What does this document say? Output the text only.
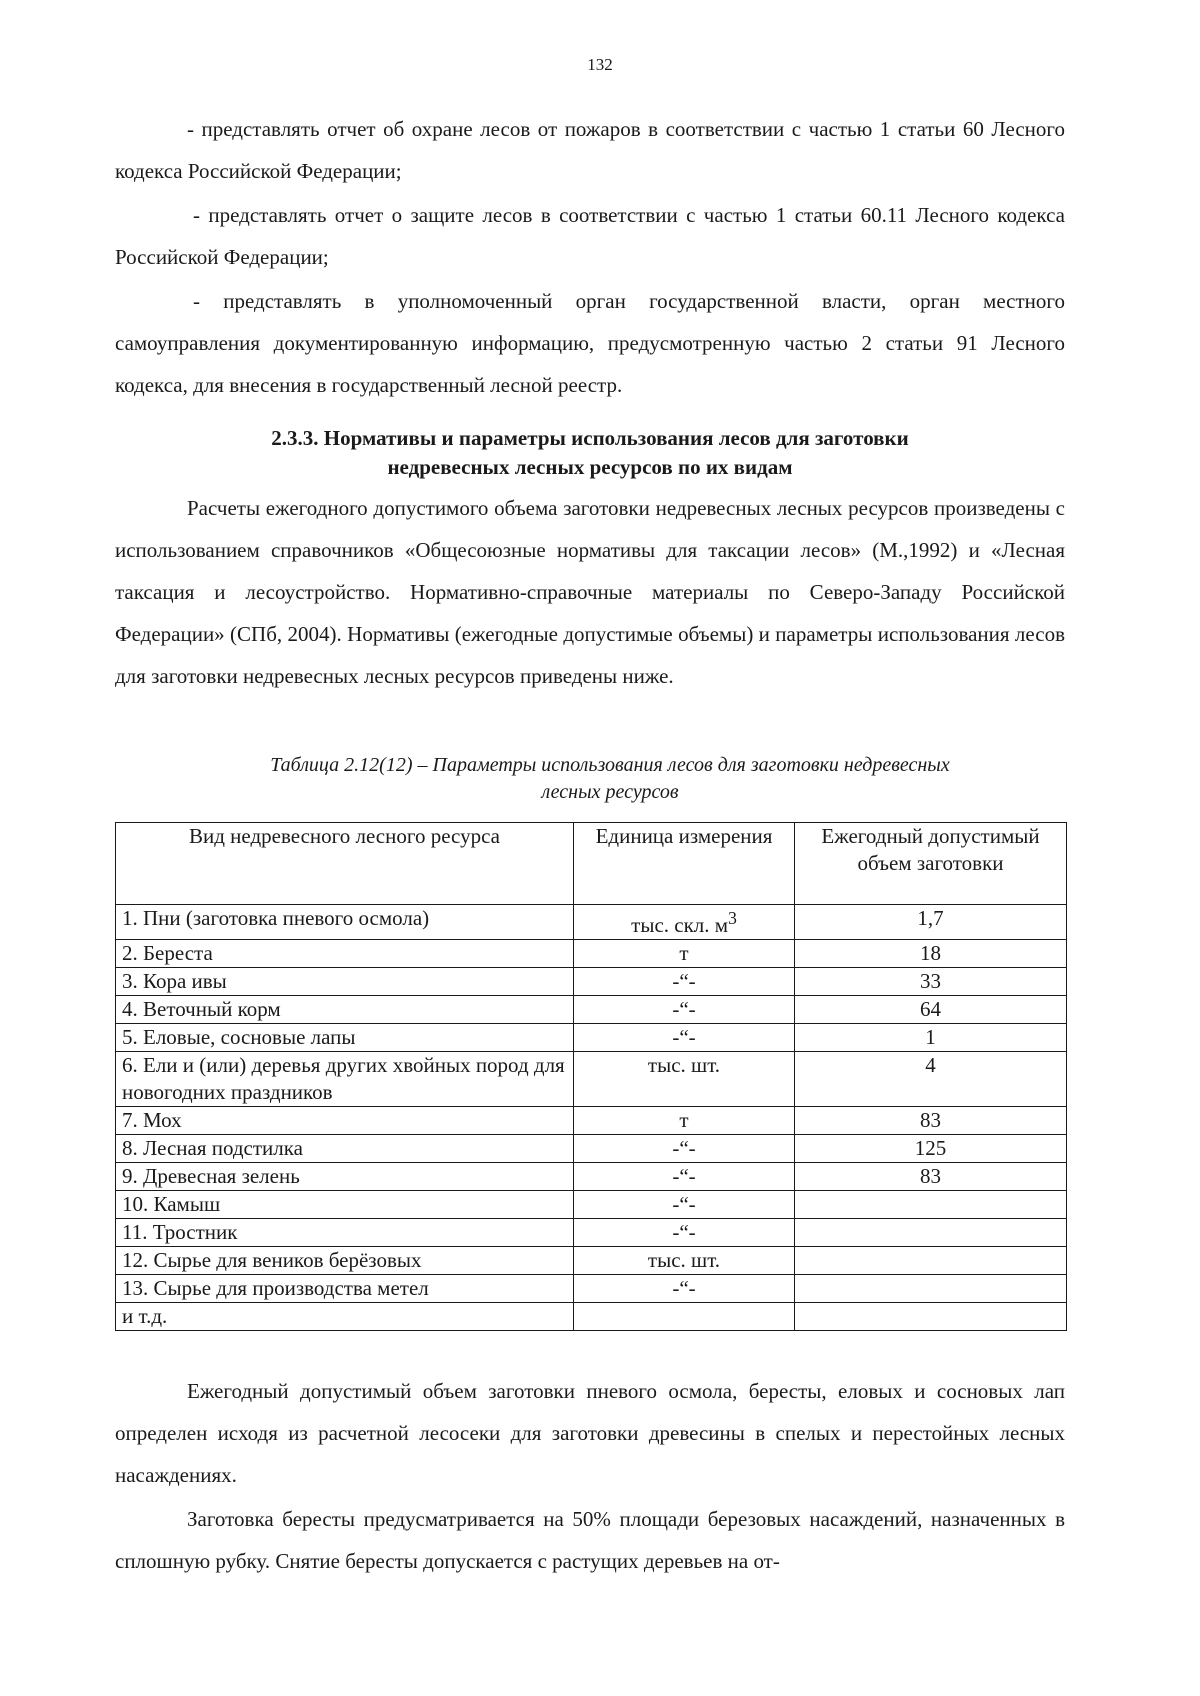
132

- представлять отчет об охране лесов от пожаров в соответствии с частью 1 статьи 60 Лесного кодекса Российской Федерации;

- представлять отчет о защите лесов в соответствии с частью 1 статьи 60.11 Лесного кодекса Российской Федерации;

- представлять в уполномоченный орган государственной власти, орган местного самоуправления документированную информацию, предусмотренную частью 2 статьи 91 Лесного кодекса, для внесения в государственный лесной реестр.

2.3.3. Нормативы и параметры использования лесов для заготовки
недревесных лесных ресурсов по их видам

Расчеты ежегодного допустимого объема заготовки недревесных лесных ресурсов произведены с использованием справочников «Общесоюзные нормативы для таксации лесов» (М.,1992) и «Лесная таксация и лесоустройство. Нормативно-справочные материалы по Северо-Западу Российской Федерации» (СПб, 2004). Нормативы (ежегодные допустимые объемы) и параметры использования лесов для заготовки недревесных лесных ресурсов приведены ниже.

Таблица 2.12(12) – Параметры использования лесов для заготовки недревесных
лесных ресурсов
Вид недревесного лесного ресурса	Единица измерения	Ежегодный допустимый объем заготовки
1. Пни (заготовка пневого осмола)	тыс. скл. $м^3$	1,7
2. Береста	т	18
3. Кора ивы	-“-	33
4. Веточный корм	-“-	64
5. Еловые, сосновые лапы	-“-	1
6. Ели и (или) деревья других хвойных пород для новогодних праздников	тыс. шт.	4
7. Мох	т	83
8. Лесная подстилка	-“-	125
9. Древесная зелень	-“-	83
10. Камыш	-“-	
11. Тростник	-“-	
12. Сырье для веников берёзовых	тыс. шт.	
13. Сырье для производства метел	-“-	
и т.д.		

Ежегодный допустимый объем заготовки пневого осмола, бересты, еловых и сосновых лап определен исходя из расчетной лесосеки для заготовки древесины в спелых и перестойных лесных насаждениях.

Заготовка бересты предусматривается на 50% площади березовых насаждений, назначенных в сплошную рубку. Снятие бересты допускается с растущих деревьев на от-
